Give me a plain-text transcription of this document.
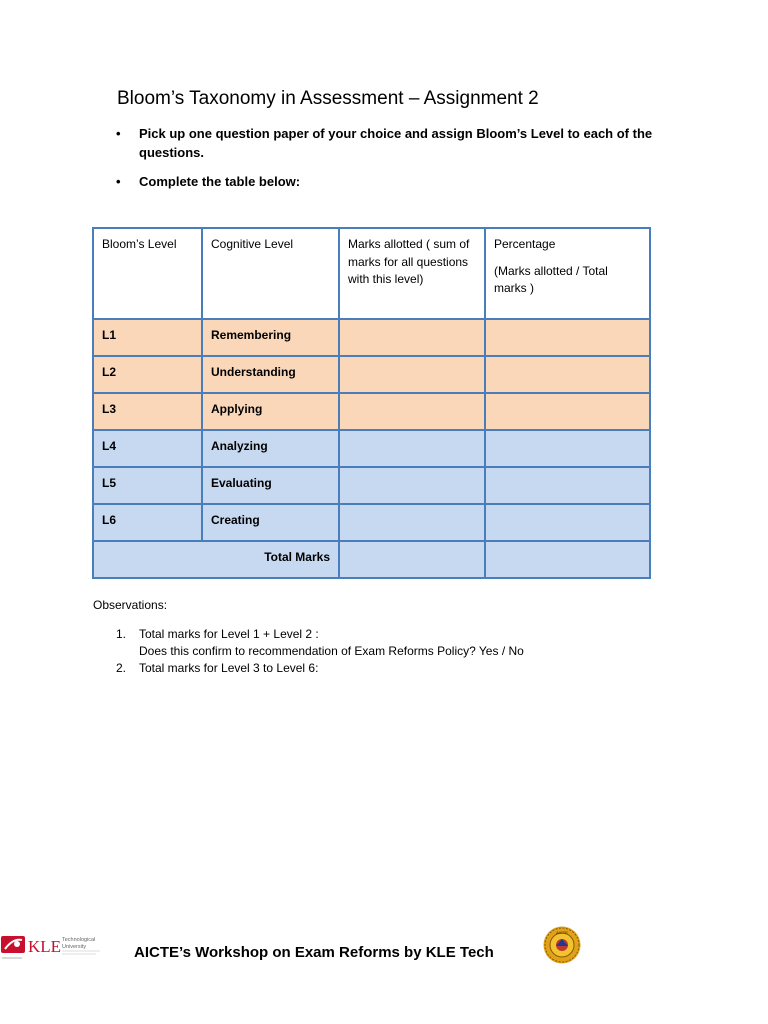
Bloom’s Taxonomy in Assessment – Assignment 2
• Pick up one question paper of your choice and assign Bloom’s Level to each of the questions.
• Complete the table below:
Bloom’s Level	Cognitive Level	Marks allotted ( sum of marks for all questions with this level)	Percentage
(Marks allotted / Total marks )

L1	Remembering		
L2	Understanding		
L3	Applying		
L4	Analyzing		
L5	Evaluating		
L6	Creating		
Total Marks			
Observations:
1. Total marks for Level 1 + Level 2 :
Does this confirm to recommendation of Exam Reforms Policy? Yes / No
2. Total marks for Level 3 to Level 6:
KLE Technological
University	AICTE’s Workshop on Exam Reforms by KLE Tech
AICTE
